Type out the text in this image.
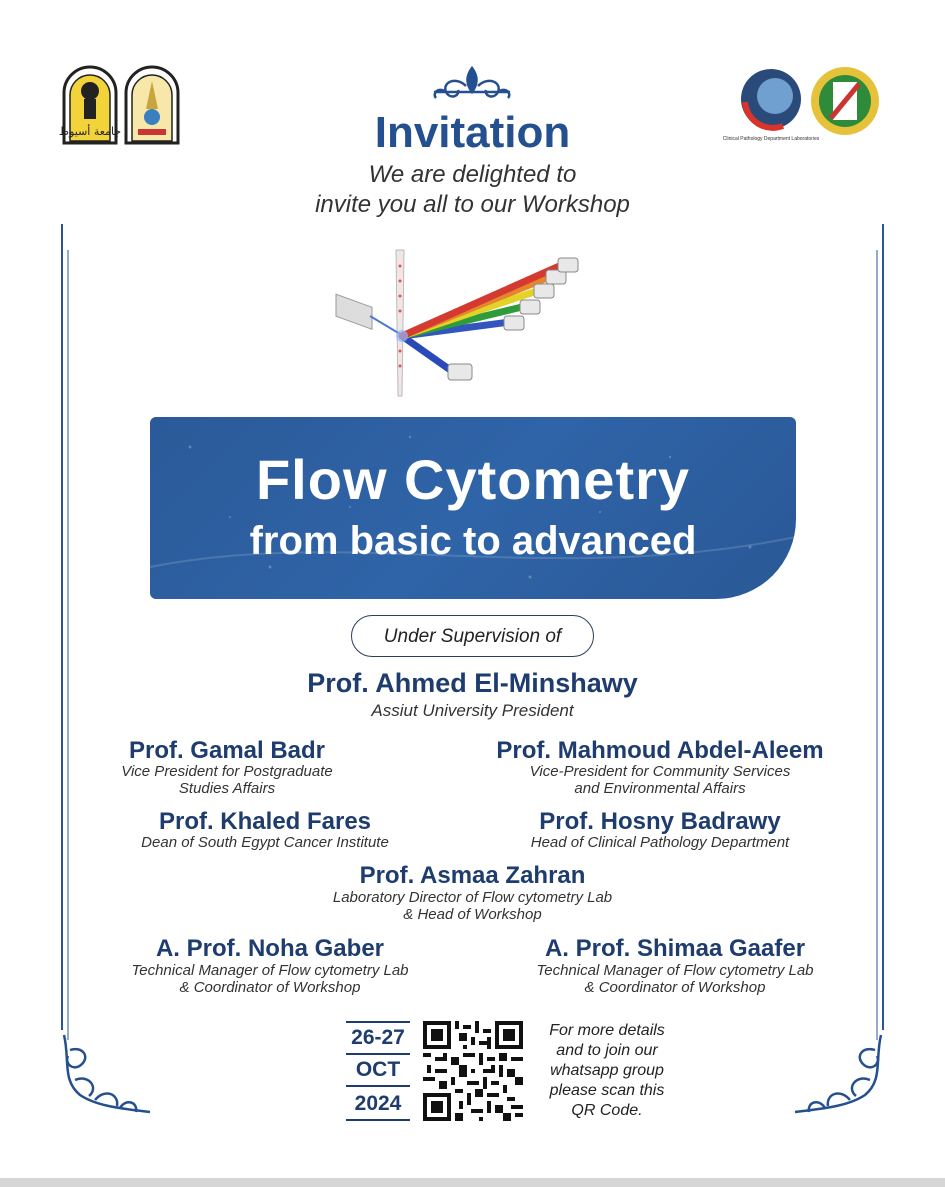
جامعة أسيوط
Clinical Pathology Department Laboratories
Invitation
We are delighted to
invite you all to our Workshop
Flow Cytometry
from basic to advanced
Under Supervision of
Prof. Ahmed El-Minshawy
Assiut University President
Prof. Gamal Badr
Vice President for Postgraduate
Studies Affairs
Prof. Mahmoud Abdel-Aleem
Vice-President for Community Services
and Environmental Affairs
Prof. Khaled Fares
Dean of South Egypt Cancer Institute
Prof. Hosny Badrawy
Head of Clinical Pathology Department
Prof. Asmaa Zahran
Laboratory Director of Flow cytometry Lab
& Head of Workshop
A. Prof. Noha Gaber
Technical Manager of Flow cytometry Lab
& Coordinator of Workshop
A. Prof. Shimaa Gaafer
Technical Manager of Flow cytometry Lab
& Coordinator of Workshop
26-27
OCT
2024
For more details
and to join our
whatsapp group
please scan this
QR Code.
